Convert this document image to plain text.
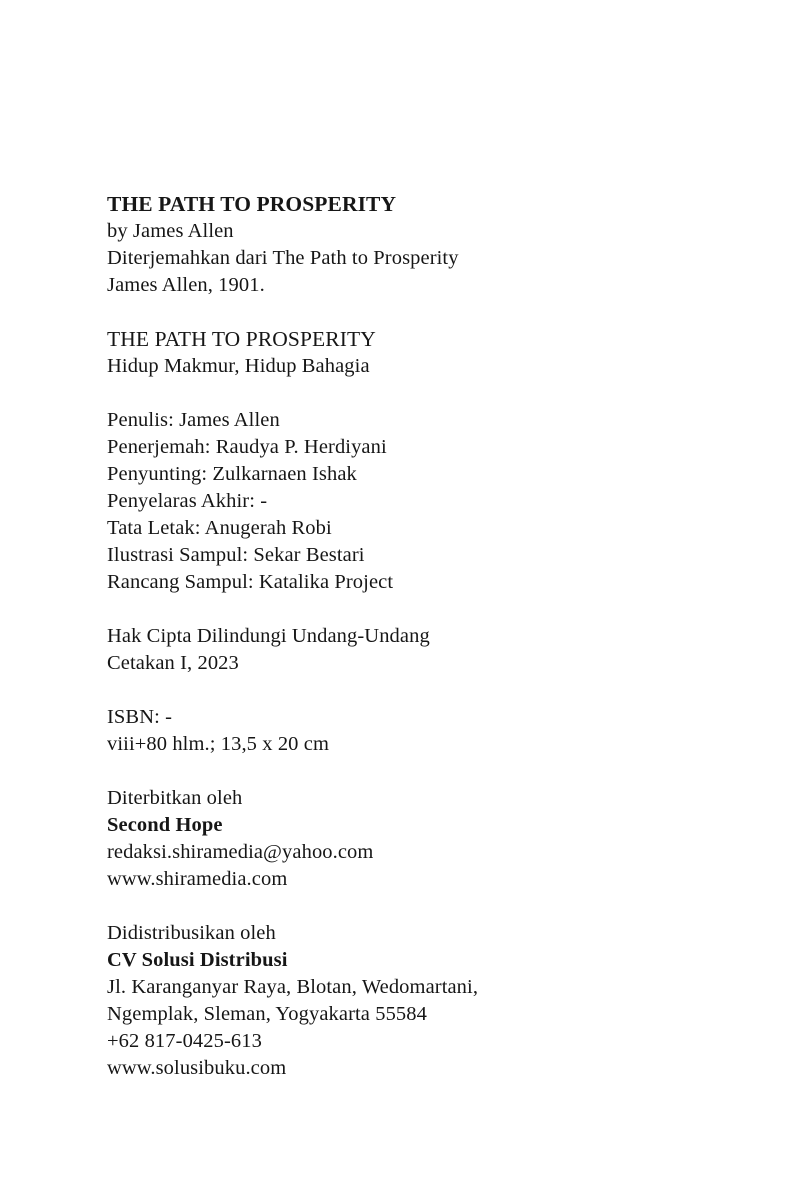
THE PATH TO PROSPERITY
by James Allen
Diterjemahkan dari The Path to Prosperity
James Allen, 1901.
THE PATH TO PROSPERITY
Hidup Makmur, Hidup Bahagia
Penulis: James Allen
Penerjemah: Raudya P. Herdiyani
Penyunting: Zulkarnaen Ishak
Penyelaras Akhir: -
Tata Letak: Anugerah Robi
Ilustrasi Sampul: Sekar Bestari
Rancang Sampul: Katalika Project
Hak Cipta Dilindungi Undang-Undang
Cetakan I, 2023
ISBN: -
viii+80 hlm.; 13,5 x 20 cm
Diterbitkan oleh
Second Hope
redaksi.shiramedia@yahoo.com
www.shiramedia.com
Didistribusikan oleh
CV Solusi Distribusi
Jl. Karanganyar Raya, Blotan, Wedomartani,
Ngemplak, Sleman, Yogyakarta 55584
+62 817-0425-613
www.solusibuku.com
